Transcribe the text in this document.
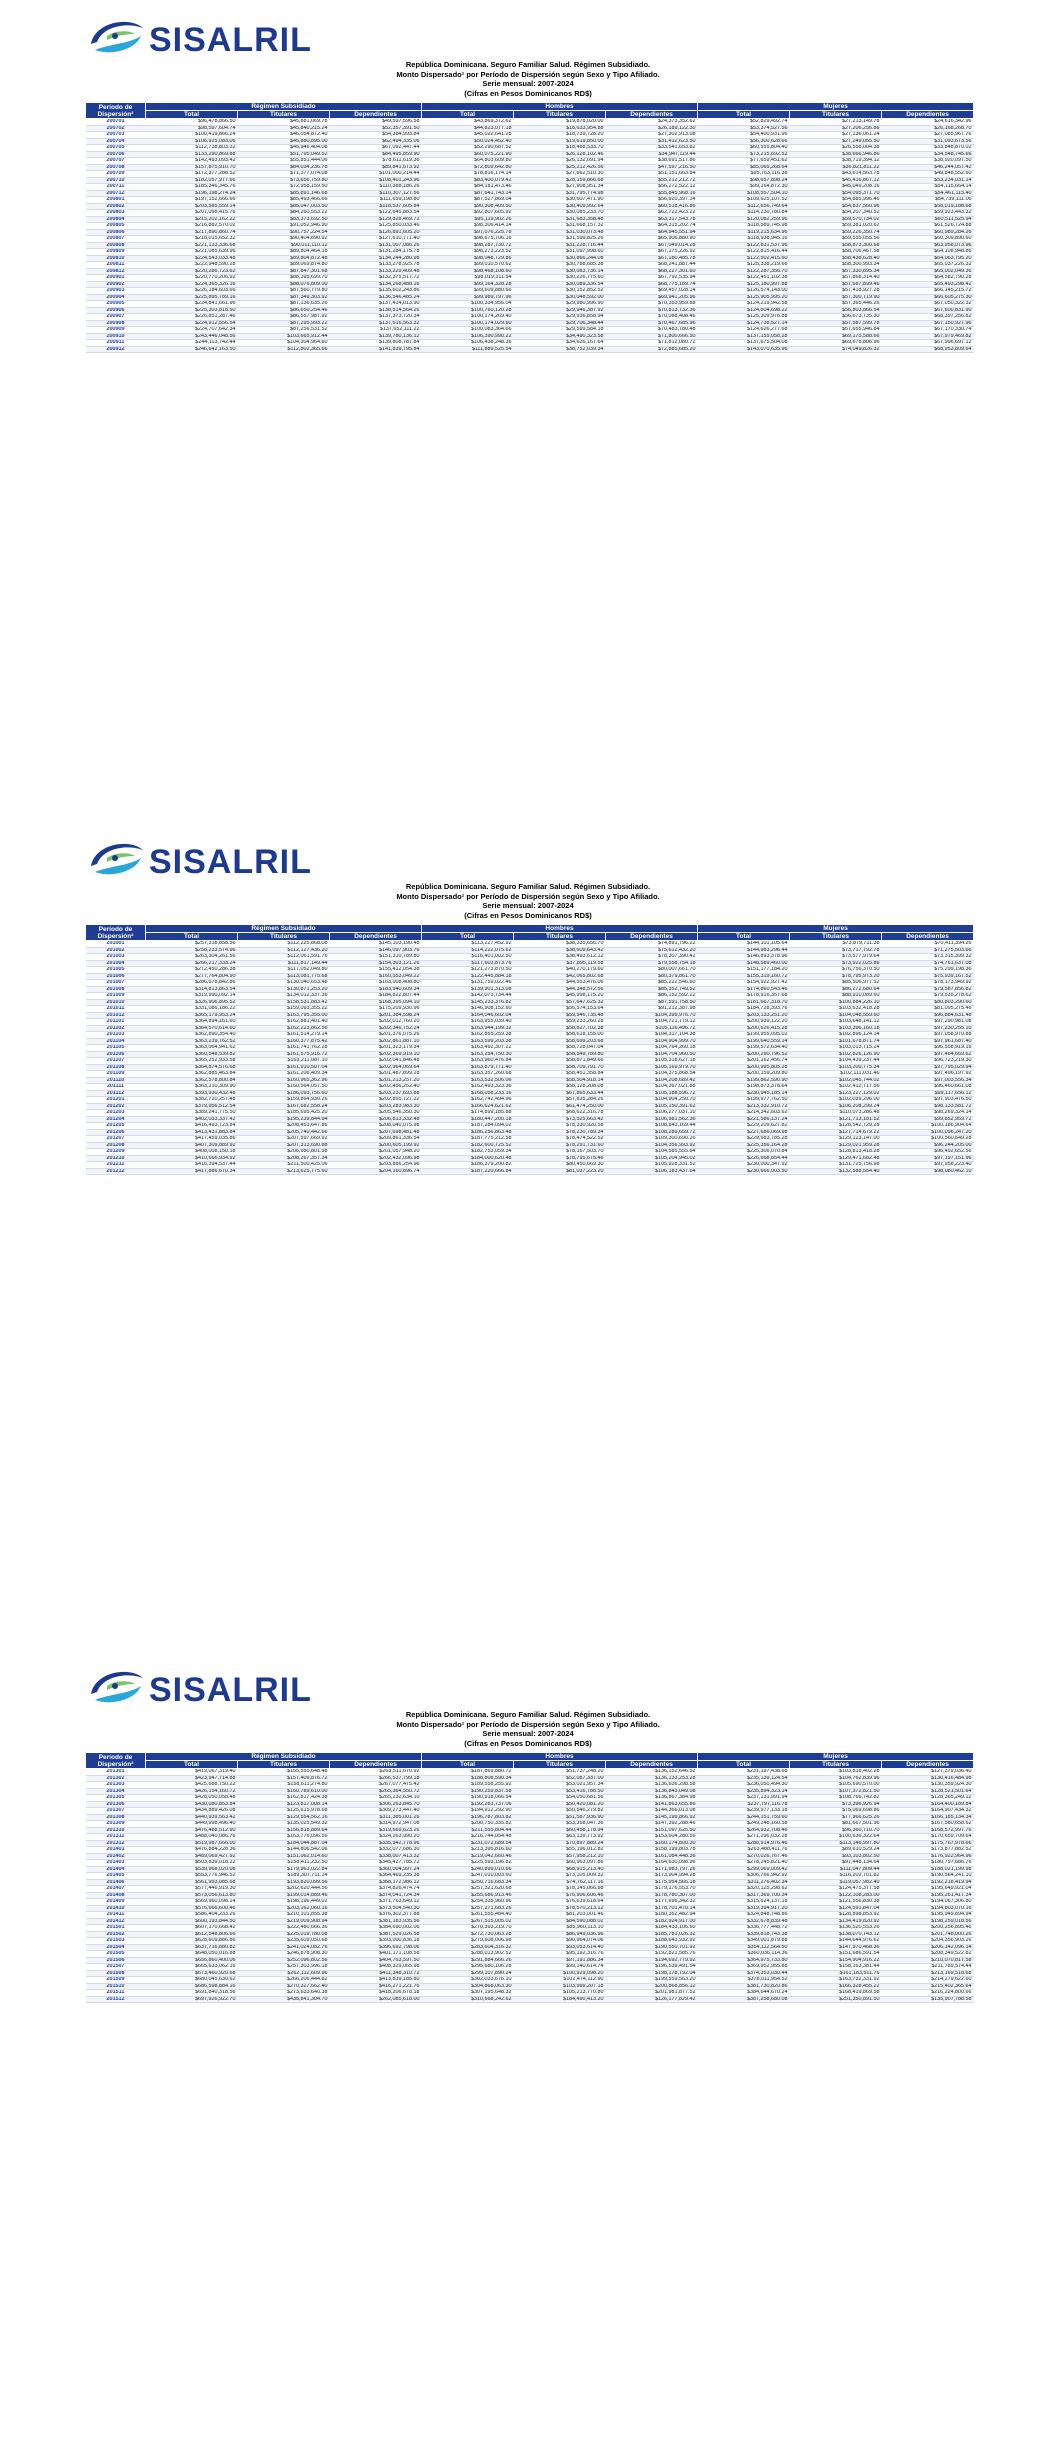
SISALRIL
República Dominicana. Seguro Familiar Salud. Régimen Subsidiado.
Monto Dispersado¹ por Período de Dispersión según Sexo y Tipo Afiliado.
Serie mensual: 2007-2024
(Cifras en Pesos Dominicanos RD$)
Período de Dispersión²	Régimen Subsidiado			Hombres			Mujeres		
	Total	Titulares	Dependientes	Total	Titulares	Dependientes	Total	Titulares	Dependientes
200701	$96,478,866.50	$45,881,069.78	$49,597,596.58	$43,869,372.62	$19,878,020.00	$24,373,352.62	$52,829,492.74	$27,213,149.78	$24,616,342.96
200702	$98,597,604.74	$45,840,215.24	$52,357,391.50	$44,823,077.18	$18,633,954.88	$26,189,122.30	$53,374,527.56	$27,206,256.86	$26,168,268.70
200703	$100,419,866.24	$46,054,872.40	$54,384,993.84	$45,022,641.28	$18,739,728.20	$27,302,913.08	$54,400,931.96	$27,136,061.24	$27,085,967.76
200704	$106,925,083.06	$45,880,895.00	$62,494,335.06	$50,024,452.40	$19,619,850.00	$31,412,623.50	$56,300,628.66	$27,249,055.50	$31,093,673.56
200705	$112,738,803.32	$45,946,404.08	$67,092,447.44	$52,290,687.52	$18,488,533.70	$33,541,653.82	$60,555,804.40	$26,558,004.38	$33,848,870.02
200706	$133,290,869.88	$51,795,049.52	$84,495,859.90	$60,075,221.90	$26,128,102.46	$34,947,119.44	$73,215,692.52	$38,666,946.86	$34,548,745.66
200707	$142,493,093.42	$55,851,444.06	$78,611,619.36	$64,803,609.80	$26,132,091.94	$38,691,517.86	$77,659,451.62	$38,719,394.12	$38,920,097.50
200708	$157,875,910.70	$84,034,236.78	$89,841,673.92	$72,809,642.80	$25,212,426.56	$47,597,216.50	$85,065,268.64	$36,821,811.22	$46,244,057.42
200709	$172,377,288.52	$71,377,074.08	$101,000,214.44	$78,816,174.14	$27,662,510.30	$51,151,663.84	$95,763,116.38	$43,614,563.78	$49,848,552.60
200710	$182,057,977.66	$73,656,759.80	$108,401,243.96	$83,400,079.42	$28,159,866.68	$55,212,212.72	$98,657,898.24	$45,416,867.12	$53,234,031.14
200711	$185,346,345.76	$72,958,159.50	$110,388,186.26	$84,181,473.46	$27,908,951.34	$56,272,522.12	$99,164,872.30	$45,049,208.16	$54,115,664.14
200712	$196,198,274.24	$85,891,146.68	$110,307,127.56	$87,641,743.14	$31,795,774.98	$55,845,968.16	$108,557,504.10	$54,095,371.70	$54,461,115.40
200801	$197,152,666.66	$85,493,466.66	$111,659,198.80	$87,527,869.04	$30,607,471.90	$56,920,397.14	$109,625,107.52	$54,885,996.46	$54,739,111.06
200802	$203,585,559.14	$85,047,003.50	$118,537,605.84	$90,308,409.50	$30,409,992.64	$60,518,416.86	$112,656,749.64	$54,837,560.96	$58,019,188.68
200803	$207,098,415.76	$84,260,553.22	$122,645,883.54	$92,807,605.92	$30,085,233.70	$62,722,423.22	$114,230,780.84	$54,207,340.52	$59,923,443.32
200804	$215,202,162.22	$83,373,692.50	$129,828,469.72	$95,119,902.26	$31,683,358.48	$63,317,543.78	$120,082,259.96	$59,570,734.02	$60,511,525.94
200805	$216,882,570.02	$91,052,946.90	$125,850,033.46	$98,306,414.14	$31,668,157.32	$64,315,202.74	$118,589,745.98	$59,381,020.62	$61,526,724.88
200806	$217,890,860.74	$90,757,224.54	$126,891,605.20	$97,076,225.78	$31,030,073.48	$64,945,551.94	$119,215,634.96	$59,226,350.74	$60,989,284.26
200807	$218,015,652.32	$90,404,890.92	$127,610,771.40	$98,675,706.16	$31,599,825.26	$65,906,880.90	$118,938,945.16	$59,555,055.56	$60,309,890.60
200808	$221,133,336.68	$90,011,110.12	$131,007,086.26	$98,287,730.72	$31,228,716.44	$67,049,014.28	$122,831,537.96	$58,873,300.68	$63,958,073.96
200809	$221,085,639.96	$89,804,464.18	$131,284,175.78	$98,273,223.52	$31,097,998.60	$67,175,226.92	$122,815,416.44	$58,706,467.58	$64,108,948.86
200810	$224,543,033.48	$89,804,872.48	$134,244,280.98	$98,048,729.86	$30,866,244.08	$67,180,485.78	$122,502,415.60	$58,438,628.40	$64,063,795.20
200811	$222,948,590.28	$89,069,874.80	$133,278,925.78	$99,010,570.62	$30,788,685.38	$68,241,887.44	$125,338,219.66	$58,300,993.34	$65,037,226.32
200812	$220,286,723.62	$87,847,301.68	$133,229,409.48	$98,468,108.60	$30,083,736.14	$68,227,301.60	$122,287,356.70	$57,330,895.34	$65,002,049.36
200901	$220,770,206.92	$88,395,699.70	$132,375,517.72	$98,019,311.54	$30,226,775.60	$67,792,535.94	$122,451,102.38	$57,868,314.40	$64,582,790.28
200902	$224,365,326.16	$88,076,809.00	$134,268,488.16	$99,164,328.28	$30,089,336.54	$68,775,189.74	$125,180,997.88	$57,687,899.46	$65,493,298.42
200903	$226,184,603.66	$87,560,779.80	$135,602,243.86	$99,609,880.66	$30,152,852.52	$69,457,028.14	$126,574,143.00	$57,418,927.28	$66,145,215.72
200904	$225,895,789.16	$87,349,303.92	$136,546,485.24	$99,989,797.96	$30,048,592.00	$69,941,205.96	$125,905,995.20	$57,300,719.90	$66,605,275.30
200905	$224,841,661.96	$87,136,635.26	$137,414,013.90	$100,334,956.04	$29,980,996.90	$70,353,959.88	$124,219,942.58	$57,365,446.26	$67,050,322.32
200906	$225,303,818.50	$86,650,254.46	$138,514,564.26	$100,760,120.28	$29,946,387.92	$70,813,732.36	$124,604,698.22	$56,803,866.54	$67,600,831.90
200907	$226,851,287.46	$86,557,987.92	$137,373,720.34	$100,174,269.40	$29,936,858.94	$70,088,408.46	$125,309,978.88	$56,673,735.30	$68,397,256.82
200908	$224,912,556.54	$87,295,993.22	$137,616,563.32	$100,174,029.60	$29,706,348.44	$70,467,685.96	$124,738,527.14	$57,587,599.78	$67,150,927.96
200909	$224,707,642.34	$87,256,531.52	$137,652,111.22	$100,083,364.66	$29,599,584.18	$70,483,780.48	$124,626,277.68	$57,655,946.84	$67,170,330.74
200910	$243,446,048.56	$103,665,912.44	$139,780,136.12	$106,390,990.22	$34,490,323.58	$71,800,666.50	$137,155,058.28	$69,175,588.66	$67,979,469.82
200911	$244,113,742.44	$104,304,964.60	$139,808,787.84	$106,438,248.36	$34,626,167.64	$71,812,080.72	$137,675,504.08	$69,678,806.96	$67,996,697.12
200912	$246,642,163.50	$112,802,365.66	$141,839,795.84	$111,889,525.54	$38,752,039.34	$72,885,685.20	$143,070,635.96	$74,049,826.32	$68,953,809.64
SISALRIL
República Dominicana. Seguro Familiar Salud. Régimen Subsidiado.
Monto Dispersado¹ por Período de Dispersión según Sexo y Tipo Afiliado.
Serie mensual: 2007-2024
(Cifras en Pesos Dominicanos RD$)
Período de Dispersión²	Régimen Subsidiado			Hombres			Mujeres		
	Total	Titulares	Dependientes	Total	Titulares	Dependientes	Total	Titulares	Dependientes
201001	$257,318,858.56	$112,225,868.08	$145,103,190.48	$113,227,452.92	$38,335,656.70	$74,891,796.22	$144,101,105.64	$73,879,711.38	$70,411,394.26
201002	$258,233,574.96	$112,127,436.20	$146,097,903.76	$114,222,075.62	$38,609,643.42	$75,612,432.20	$144,983,296.44	$73,717,792.78	$71,275,503.66
201003	$263,304,261.56	$112,061,591.76	$151,310,789.80	$116,401,002.50	$38,493,612.12	$78,307,390.42	$146,893,378.96	$73,577,979.64	$73,315,399.32
201004	$266,217,333.24	$111,817,149.44	$154,303,121.26	$117,603,873.76	$37,895,119.58	$79,558,754.18	$148,589,460.00	$73,922,025.86	$74,761,637.08
201005	$272,450,286.38	$117,052,049.80	$155,412,054.38	$121,273,870.50	$40,270,179.60	$80,007,661.70	$151,177,184.20	$76,756,370.50	$75,299,198.36
201006	$277,764,804.90	$113,081,775.68	$160,553,049.22	$122,445,884.18	$42,065,802.68	$80,379,861.70	$155,319,160.72	$78,795,973.20	$75,939,167.52
201007	$286,678,842.86	$130,040,653.48	$163,008,408.80	$131,759,022.46	$44,553,476.06	$85,222,546.60	$154,922,927.42	$85,506,977.52	$78,173,949.92
201008	$314,813,863.54	$130,871,253.20	$183,940,609.34	$139,901,313.08	$44,348,572.56	$85,352,749.52	$174,860,543.46	$86,272,680.64	$79,587,856.82
201009	$319,990,092.14	$134,012,337.36	$184,822,807.44	$142,073,734.44	$45,998,175.20	$86,152,592.22	$178,916,357.68	$88,910,089.60	$79,535,278.62
201010	$326,906,895.52	$158,531,883.42	$168,395,094.10	$145,233,376.82	$57,647,625.32	$87,591,758.50	$181,667,318.70	$100,884,226.10	$80,803,290.60
201011	$331,086,186.22	$159,093,355.22	$175,209,930.96	$146,908,152.60	$56,574,153.64	$91,212,387.98	$184,728,393.76	$103,632,418.28	$81,095,275.46
201012	$365,179,953.24	$163,795,355.00	$201,384,598.24	$164,046,602.04	$59,946,735.48	$104,399,976.70	$203,133,251.20	$104,048,559.60	$96,884,631.48
201101	$364,894,161.60	$162,881,401.40	$202,012,760.20	$163,955,039.40	$59,233,260.28	$104,721,779.12	$200,939,122.20	$103,648,141.12	$97,290,981.08
201102	$364,570,614.60	$162,223,862.56	$202,346,752.24	$163,944,199.32	$58,827,702.38	$105,116,496.72	$200,626,415.28	$103,396,160.18	$97,230,255.10
201103	$362,890,354.40	$161,514,279.14	$201,376,075.26	$162,855,259.38	$58,618,155.00	$104,317,104.38	$199,955,095.02	$102,896,124.14	$97,058,970.88
201104	$363,239,762.52	$160,377,875.42	$202,861,887.10	$163,599,203.38	$58,699,203.68	$104,904,999.70	$199,640,559.14	$101,678,871.74	$97,961,687.40
201105	$363,064,941.62	$161,741,762.28	$201,323,179.34	$163,492,307.22	$58,728,047.04	$104,764,260.18	$199,572,634.40	$103,013,715.24	$96,558,919.16
201106	$360,548,539.82	$161,575,916.72	$202,369,919.10	$163,254,750.30	$58,549,789.80	$104,704,960.50	$200,290,796.52	$102,826,126.90	$97,464,669.62
201107	$365,252,933.58	$163,211,087.10	$202,041,846.48	$163,960,476.84	$58,871,849.66	$105,318,627.18	$201,162,456.74	$104,439,237.44	$96,723,219.30
201108	$364,874,576.68	$161,910,507.04	$202,964,069.64	$163,879,771.40	$58,709,791.70	$105,169,979.70	$200,995,805.28	$103,200,775.34	$97,795,029.94
201109	$362,885,463.84	$161,206,409.34	$201,487,899.28	$163,357,260.68	$58,451,358.84	$104,375,868.54	$200,159,209.80	$102,111,031.46	$97,496,197.92
201110	$362,578,800.84	$160,965,362.96	$201,213,257.20	$163,532,506.06	$58,504,918.14	$104,208,689.42	$199,862,590.90	$102,045,744.02	$97,003,556.34
201111	$363,210,309.90	$160,564,057.50	$202,456,252.40	$162,493,323.36	$58,128,208.08	$104,367,021.88	$198,873,378.64	$102,412,717.56	$96,460,661.08
201112	$393,930,432.48	$186,093,756.60	$203,237,693.88	$168,058,233.16	$67,865,633.44	$105,188,596.72	$230,945,185.14	$123,227,129.02	$99,117,656.12
201201	$382,720,257.48	$159,864,930.26	$202,855,727.22	$162,742,494.96	$57,835,284.26	$104,904,250.70	$199,977,762.50	$102,039,296.00	$97,903,476.50
201202	$379,956,512.54	$167,682,558.24	$203,283,983.30	$166,624,621.62	$61,474,250.00	$105,150,391.62	$213,332,910.72	$106,208,299.24	$98,133,581.72
201203	$389,241,775.50	$185,695,425.20	$205,546,350.30	$174,899,185.88	$68,622,316.78	$106,277,037.10	$214,342,603.62	$110,073,286.48	$98,269,324.14
201204	$402,033,337.42	$195,239,844.94	$206,813,332.48	$180,447,200.18	$73,525,663.42	$106,981,562.36	$221,586,137.24	$121,713,181.52	$99,852,959.72
201205	$416,493,723.84	$208,453,647.86	$208,040,075.98	$187,284,094.02	$78,330,920.58	$108,843,169.44	$229,209,627.82	$128,542,729.28	$100,186,904.64
201206	$413,431,883.84	$205,740,442.66	$207,698,481.48	$186,256,863.48	$78,230,789.34	$108,289,659.72	$227,686,069.98	$127,714,679.22	$100,096,247.20
201207	$417,459,035.86	$207,597,669.92	$209,861,336.54	$187,775,212.58	$78,474,522.52	$109,300,690.26	$229,683,785.28	$129,123,147.00	$100,560,649.28
201208	$407,309,889.92	$207,313,690.88	$200,605,199.92	$182,600,725.52	$78,291,731.60	$104,356,993.92	$225,356,164.28	$129,021,959.28	$96,244,205.00
201209	$408,008,150.18	$206,980,801.98	$201,057,948.20	$182,753,059.34	$78,167,503.70	$104,585,555.64	$225,306,070.84	$128,813,418.28	$96,492,652.56
201210	$410,666,934.92	$208,267,357.34	$202,432,096.98	$184,000,620.48	$78,795,675.46	$105,204,945.02	$226,668,854.44	$129,471,682.48	$97,197,151.96
201211	$416,394,537.44	$211,500,425.06	$203,886,254.96	$186,379,200.82	$80,450,669.30	$105,928,331.52	$230,000,347.92	$131,725,756.98	$97,958,223.40
201212	$417,886,670.34	$213,625,775.60	$204,160,896.74	$187,220,666.84	$81,037,223.20	$106,183,437.64	$230,666,003.50	$132,588,554.40	$98,080,462.10
SISALRIL
República Dominicana. Seguro Familiar Salud. Régimen Subsidiado.
Monto Dispersado¹ por Período de Dispersión según Sexo y Tipo Afiliado.
Serie mensual: 2007-2024
(Cifras en Pesos Dominicanos RD$)
Período de Dispersión²	Régimen Subsidiado			Hombres			Mujeres		
	Total	Titulares	Dependientes	Total	Titulares	Dependientes	Total	Titulares	Dependientes
201301	$419,067,319.40	$155,555,648.48	$263,511,670.92	$187,869,880.72	$51,737,248.20	$136,152,646.52	$231,197,438.68	$103,818,402.28	$127,379,036.40
201302	$423,947,714.88	$157,409,876.72	$266,537,799.18	$188,808,590.34	$52,087,337.00	$136,133,253.28	$235,139,124.54	$104,762,839.96	$130,416,484.98
201303	$425,688,750.22	$158,611,274.80	$267,077,475.42	$189,558,255.92	$53,021,957.34	$136,636,298.58	$236,050,494.30	$105,690,570.00	$130,359,924.30
201304	$426,154,160.72	$160,789,610.00	$265,364,550.72	$190,259,837.58	$53,416,788.50	$136,843,049.08	$235,894,323.14	$107,372,821.50	$128,521,501.64
201305	$428,050,058.48	$162,817,424.38	$265,232,634.10	$190,918,066.54	$54,050,681.56	$136,867,384.98	$237,131,991.94	$108,766,742.82	$128,365,249.12
201306	$430,080,853.84	$123,817,008.14	$306,263,845.70	$192,283,737.06	$50,420,081.20	$141,863,655.86	$237,797,116.78	$73,396,926.94	$164,400,189.84
201307	$434,889,426.08	$125,615,978.68	$309,273,447.40	$194,912,292.90	$50,546,279.82	$144,366,013.08	$239,977,133.18	$75,069,698.86	$164,907,434.32
201308	$440,939,563.42	$129,554,562.16	$311,385,001.26	$196,787,803.82	$51,587,936.90	$145,199,866.92	$244,151,759.60	$77,966,625.26	$166,185,134.34
201309	$449,998,496.40	$135,025,549.32	$314,972,947.08	$200,750,335.82	$53,358,047.36	$147,392,288.46	$249,248,160.58	$81,667,501.96	$167,580,658.62
201310	$476,488,512.90	$156,818,889.64	$319,669,623.26	$211,555,804.44	$60,458,178.94	$151,097,625.50	$264,932,708.46	$96,360,710.70	$168,572,997.76
201311	$488,040,086.76	$163,776,096.56	$324,263,990.20	$216,744,054.48	$63,139,773.92	$153,604,280.56	$271,296,032.28	$100,636,322.64	$170,659,709.64
201312	$519,987,666.00	$184,044,887.04	$335,942,778.96	$231,072,689.54	$70,897,889.24	$160,174,800.30	$288,914,976.46	$113,146,997.80	$175,767,978.66
201401	$476,884,228.36	$144,806,542.06	$332,077,686.30	$213,395,816.60	$55,196,012.82	$158,199,803.78	$263,488,411.76	$89,610,529.24	$173,877,882.52
201402	$489,069,427.92	$151,062,014.60	$338,007,413.32	$219,042,660.46	$57,958,212.10	$161,084,448.36	$270,026,767.46	$93,103,802.50	$176,922,964.96
201403	$503,839,018.22	$158,411,232.50	$345,427,785.72	$225,593,196.82	$60,963,097.86	$164,630,098.96	$278,245,821.40	$97,448,134.64	$180,797,686.76
201404	$539,968,020.08	$179,963,022.84	$360,004,997.24	$240,899,010.66	$68,915,213.40	$171,983,797.26	$299,069,009.42	$111,047,809.44	$188,021,199.98
201405	$553,776,946.52	$189,307,711.14	$364,469,235.38	$247,010,003.60	$73,105,009.32	$173,904,994.28	$306,766,942.92	$116,202,701.82	$190,564,241.10
201406	$561,993,085.68	$193,820,099.56	$368,172,986.12	$250,716,683.34	$74,762,117.16	$175,954,566.18	$311,276,402.34	$119,057,982.40	$192,218,419.94
201407	$577,446,919.30	$202,620,444.56	$374,826,474.74	$257,321,620.68	$78,145,066.98	$179,176,553.70	$320,125,298.62	$124,475,377.58	$195,649,921.04
201408	$573,056,613.80	$199,014,889.46	$374,041,724.34	$255,686,913.46	$76,906,606.46	$178,780,307.00	$317,369,700.34	$122,108,283.00	$195,261,417.34
201409	$569,960,098.14	$198,196,449.02	$371,763,649.12	$254,335,960.96	$76,639,618.64	$177,696,342.32	$315,624,137.18	$121,556,830.38	$194,067,306.80
201410	$576,666,600.46	$203,162,060.16	$373,504,540.30	$257,271,683.26	$78,570,213.12	$178,701,470.14	$319,394,917.20	$124,591,847.04	$194,803,070.16
201411	$586,404,233.26	$210,101,855.38	$376,302,377.88	$261,555,484.40	$81,203,001.46	$180,352,482.94	$324,848,748.86	$128,898,853.92	$195,949,894.94
201412	$600,193,844.50	$219,009,908.94	$381,183,935.56	$267,515,005.02	$84,590,088.02	$182,924,917.00	$332,678,839.48	$134,419,820.92	$198,259,018.56
201501	$607,170,668.42	$222,480,666.36	$384,690,002.06	$270,393,219.70	$85,960,113.10	$184,433,106.60	$336,777,448.72	$136,520,553.26	$200,256,895.46
201502	$612,548,806.66	$225,019,780.08	$387,529,026.58	$272,730,063.28	$86,949,036.96	$185,781,026.32	$339,818,743.38	$138,070,743.12	$201,748,000.26
201503	$628,609,886.86	$235,609,050.68	$393,000,836.18	$279,608,006.98	$90,964,074.06	$188,643,932.92	$349,001,879.88	$144,644,976.62	$204,356,903.26
201504	$637,716,880.82	$241,024,082.76	$396,692,798.06	$283,604,316.32	$93,053,614.40	$190,550,701.92	$354,112,564.50	$147,970,468.36	$206,142,096.14
201505	$648,050,016.88	$246,878,908.30	$401,171,108.58	$288,013,902.52	$95,192,316.76	$192,821,585.76	$360,036,114.36	$151,686,591.54	$208,349,522.82
201506	$656,860,400.06	$252,096,802.56	$404,763,597.50	$291,884,666.26	$97,191,886.34	$194,692,779.92	$364,975,733.80	$154,904,916.22	$210,070,817.58
201507	$665,633,062.16	$257,303,996.18	$408,329,065.98	$295,680,106.28	$99,140,614.74	$196,539,491.54	$369,952,955.88	$158,163,381.44	$211,789,574.44
201508	$673,460,920.68	$262,112,609.96	$411,348,310.72	$299,107,890.24	$100,929,098.20	$198,178,792.04	$374,353,030.44	$161,183,511.76	$213,169,518.68
201509	$680,045,630.62	$266,206,444.82	$413,839,185.80	$302,033,676.10	$102,474,112.90	$199,559,563.20	$378,011,954.52	$163,732,331.92	$214,279,622.60
201510	$686,598,884.16	$270,327,662.40	$416,271,221.76	$304,868,063.30	$103,999,207.18	$200,868,856.12	$381,730,820.86	$166,328,455.22	$215,402,365.64
201511	$691,840,318.56	$273,633,640.38	$418,206,678.18	$307,195,648.32	$105,213,770.80	$201,981,877.52	$384,644,670.24	$168,419,869.58	$216,224,800.66
201512	$697,926,922.70	$435,841,304.70	$262,085,618.00	$310,668,242.62	$184,490,413.20	$126,177,829.42	$387,258,680.08	$251,350,891.50	$135,907,788.58
